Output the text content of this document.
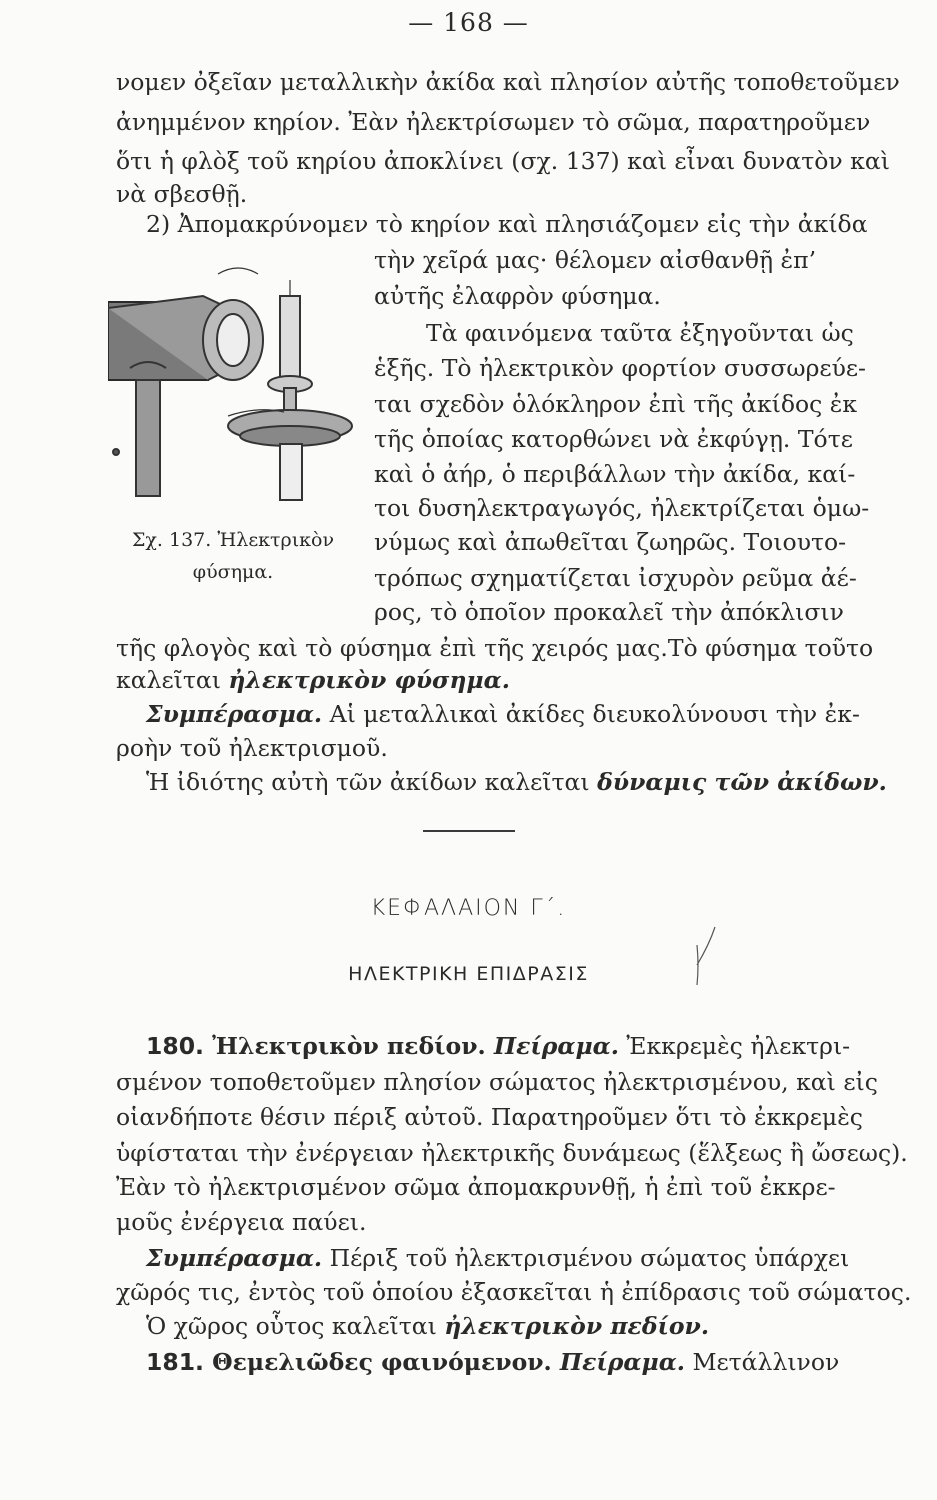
— 168 —
νομεν ὀξεῖαν μεταλλικὴν ἀκίδα καὶ πλησίον αὐτῆς τοποθετοῦμεν
ἀνημμένον κηρίον. Ἐὰν ἠλεκτρίσωμεν τὸ σῶμα, παρατηροῦμεν
ὅτι ἡ φλὸξ τοῦ κηρίου ἀποκλίνει (σχ. 137) καὶ εἶναι δυνατὸν καὶ
νὰ σβεσθῇ.
2) Ἀπομακρύνομεν τὸ κηρίον καὶ πλησιάζομεν εἰς τὴν ἀκίδα
Σχ. 137. Ἠλεκτρικὸν
φύσημα.
τὴν χεῖρά μας· θέλομεν αἰσθανθῇ ἐπ’
αὐτῆς ἐλαφρὸν φύσημα.
Τὰ φαινόμενα ταῦτα ἐξηγοῦνται ὡς
ἑξῆς. Τὸ ἠλεκτρικὸν φορτίον συσσωρεύε-
ται σχεδὸν ὁλόκληρον ἐπὶ τῆς ἀκίδος ἐκ
τῆς ὁποίας κατορθώνει νὰ ἐκφύγῃ. Τότε
καὶ ὁ ἀήρ, ὁ περιβάλλων τὴν ἀκίδα, καί-
τοι δυσηλεκτραγωγός, ἠλεκτρίζεται ὁμω-
νύμως καὶ ἀπωθεῖται ζωηρῶς. Τοιουτο-
τρόπως σχηματίζεται ἰσχυρὸν ρεῦμα ἀέ-
ρος, τὸ ὁποῖον προκαλεῖ τὴν ἀπόκλισιν
τῆς φλογὸς καὶ τὸ φύσημα ἐπὶ τῆς χειρός μας.Τὸ φύσημα τοῦτο
καλεῖται ἠλεκτρικὸν φύσημα.
Συμπέρασμα. Αἱ μεταλλικαὶ ἀκίδες διευκολύνουσι τὴν ἐκ-
ροὴν τοῦ ἠλεκτρισμοῦ.
Ἡ ἰδιότης αὐτὴ τῶν ἀκίδων καλεῖται δύναμις τῶν ἀκίδων.
ΚΕΦΑΛΑΙΟΝ Γ΄.
ΗΛΕΚΤΡΙΚΗ ΕΠΙΔΡΑΣΙΣ
180. Ἠλεκτρικὸν πεδίον. Πείραμα. Ἐκκρεμὲς ἠλεκτρι-
σμένον τοποθετοῦμεν πλησίον σώματος ἠλεκτρισμένου, καὶ εἰς
οἱανδήποτε θέσιν πέριξ αὐτοῦ. Παρατηροῦμεν ὅτι τὸ ἐκκρεμὲς
ὑφίσταται τὴν ἐνέργειαν ἠλεκτρικῆς δυνάμεως (ἕλξεως ἢ ὤσεως).
Ἐὰν τὸ ἠλεκτρισμένον σῶμα ἀπομακρυνθῇ, ἡ ἐπὶ τοῦ ἐκκρε-
μοῦς ἐνέργεια παύει.
Συμπέρασμα. Πέριξ τοῦ ἠλεκτρισμένου σώματος ὑπάρχει
χῶρός τις, ἐντὸς τοῦ ὁποίου ἐξασκεῖται ἡ ἐπίδρασις τοῦ σώματος.
Ὁ χῶρος οὗτος καλεῖται ἠλεκτρικὸν πεδίον.
181. Θεμελιῶδες φαινόμενον. Πείραμα. Μετάλλινον
